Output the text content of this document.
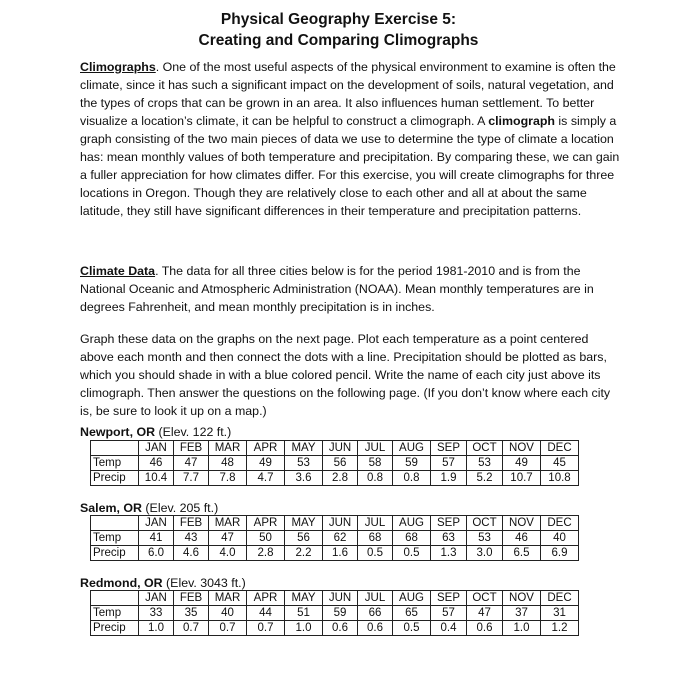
Physical Geography Exercise 5:
Creating and Comparing Climographs

Climographs. One of the most useful aspects of the physical environment to examine is often the climate, since it has such a significant impact on the development of soils, natural vegetation, and the types of crops that can be grown in an area. It also influences human settlement. To better visualize a location’s climate, it can be helpful to construct a climograph. A climograph is simply a graph consisting of the two main pieces of data we use to determine the type of climate a location has: mean monthly values of both temperature and precipitation. By comparing these, we can gain a fuller appreciation for how climates differ. For this exercise, you will create climographs for three locations in Oregon. Though they are relatively close to each other and all at about the same latitude, they still have significant differences in their temperature and precipitation patterns.

Climate Data. The data for all three cities below is for the period 1981-2010 and is from the National Oceanic and Atmospheric Administration (NOAA). Mean monthly temperatures are in degrees Fahrenheit, and mean monthly precipitation is in inches.

Graph these data on the graphs on the next page. Plot each temperature as a point centered above each month and then connect the dots with a line. Precipitation should be plotted as bars, which you should shade in with a blue colored pencil. Write the name of each city just above its climograph. Then answer the questions on the following page. (If you don’t know where each city is, be sure to look it up on a map.)

Newport, OR (Elev. 122 ft.)
	JAN	FEB	MAR	APR	MAY	JUN	JUL	AUG	SEP	OCT	NOV	DEC
Temp	46	47	48	49	53	56	58	59	57	53	49	45
Precip	10.4	7.7	7.8	4.7	3.6	2.8	0.8	0.8	1.9	5.2	10.7	10.8
Salem, OR (Elev. 205 ft.)
	JAN	FEB	MAR	APR	MAY	JUN	JUL	AUG	SEP	OCT	NOV	DEC
Temp	41	43	47	50	56	62	68	68	63	53	46	40
Precip	6.0	4.6	4.0	2.8	2.2	1.6	0.5	0.5	1.3	3.0	6.5	6.9
Redmond, OR (Elev. 3043 ft.)
	JAN	FEB	MAR	APR	MAY	JUN	JUL	AUG	SEP	OCT	NOV	DEC
Temp	33	35	40	44	51	59	66	65	57	47	37	31
Precip	1.0	0.7	0.7	0.7	1.0	0.6	0.6	0.5	0.4	0.6	1.0	1.2
